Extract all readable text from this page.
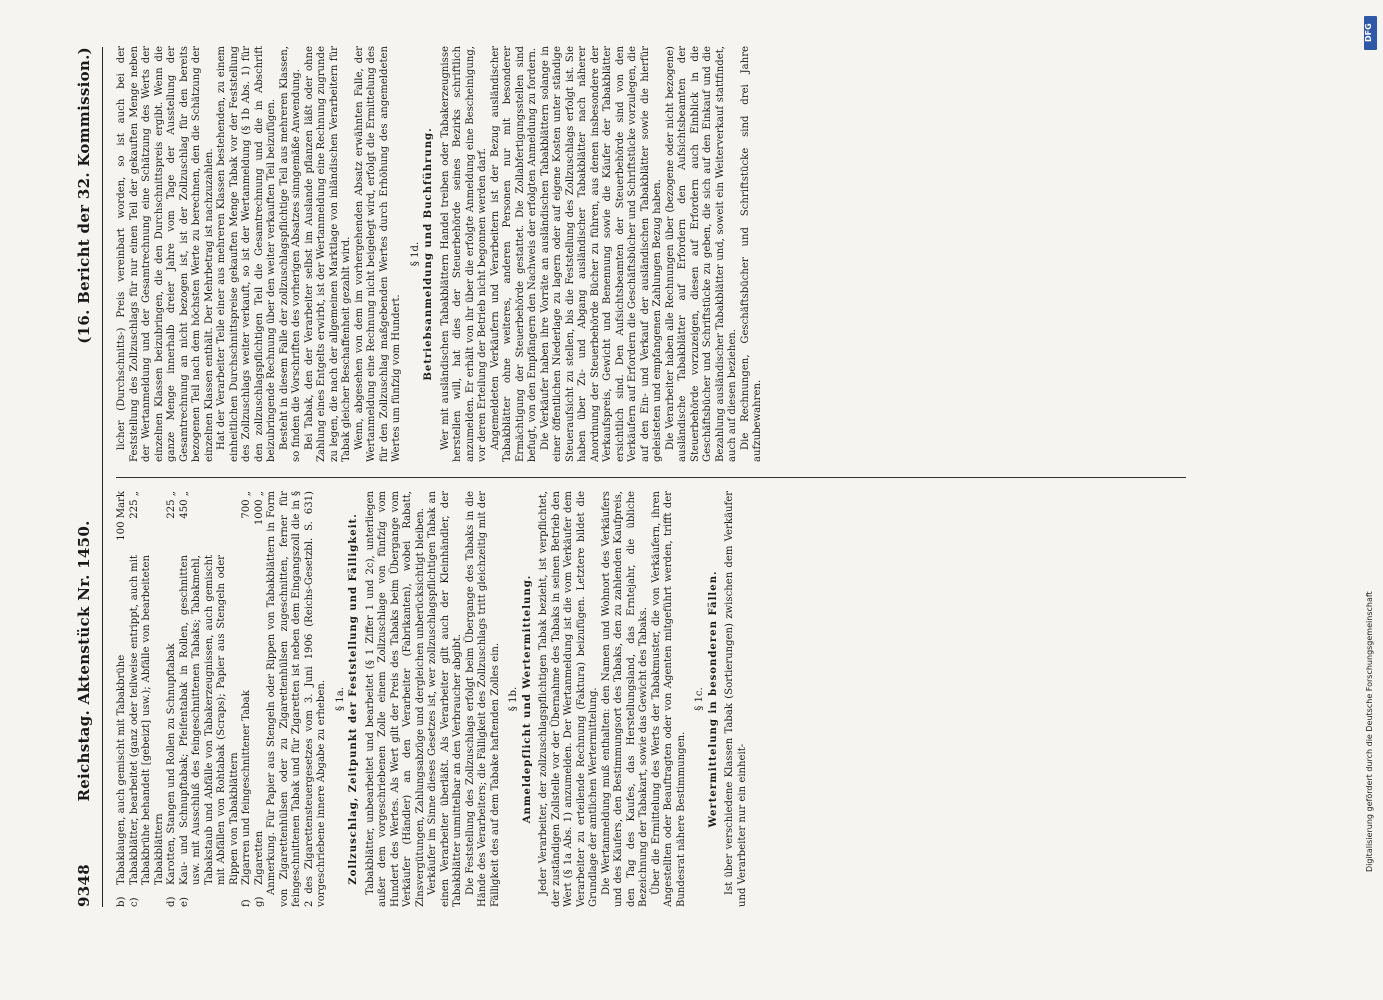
9348
Reichstag. Aktenstück Nr. 1450.
(16. Bericht der 32. Kommission.)
b)
Tabaklaugen, auch gemischt mit Tabakbrühe
100 Mark
c)
Tabakblätter, bearbeitet (ganz oder teilweise entrippt, auch mit Tabakbrühe behandelt [gebeizt] usw.); Abfälle von bearbeiteten Tabakblättern
225 „
d)
Karotten, Stangen und Rollen zu Schnupftabak
225 „
e)
Kau- und Schnupftabak; Pfeifentabak in Rollen, geschnitten usw. mit Ausschluß des feingeschnittenen Tabaks; Tabakmehl, Tabakstaub und Abfälle von Tabakerzeugnissen, auch gemischt mit Abfällen von Rohtabak (Scraps); Papier aus Stengeln oder Rippen von Tabakblättern
450 „
f)
Zigarren und feingeschnittener Tabak
700 „
g)
Zigaretten
1000 „ Anmerkung. Für Papier aus Stengeln oder Rippen von Tabakblättern in Form von Zigarettenhülsen oder zu Zigarettenhülsen zugeschnitten, ferner für feingeschnittenen Tabak und für Zigaretten ist neben dem Eingangszoll die in § 2 des Zigarettensteuergesetzes vom 3. Juni 1906 (Reichs-Gesetzbl. S. 631) vorgeschriebene innere Abgabe zu erheben. § 1a. Zollzuschlag, Zeitpunkt der Feststellung und Fälligkeit. Tabakblätter, unbearbeitet und bearbeitet (§ 1 Ziffer 1 und 2c), unterliegen außer dem vorgeschriebenen Zolle einem Zollzuschlage von fünfzig vom Hundert des Wertes. Als Wert gilt der Preis des Tabaks beim Übergange vom Verkäufer (Händler) an den Verarbeiter (Fabrikanten), wobei Rabatt, Zinsvergütungen, Zahlungsabzüge und dergleichen unberücksichtigt bleiben. Verkäufer im Sinne dieses Gesetzes ist, wer zollzuschlagspflichtigen Tabak an einen Verarbeiter überläßt. Als Verarbeiter gilt auch der Kleinhändler, der Tabakblätter unmittelbar an den Verbraucher abgibt. Die Feststellung des Zollzuschlags erfolgt beim Übergange des Tabaks in die Hände des Verarbeiters; die Fälligkeit des Zollzuschlags tritt gleichzeitig mit der Fälligkeit des auf dem Tabake haftenden Zolles ein. § 1b. Anmeldepflicht und Wertermittelung. Jeder Verarbeiter, der zollzuschlagspflichtigen Tabak bezieht, ist verpflichtet, der zuständigen Zollstelle vor der Übernahme des Tabaks in seinen Betrieb den Wert (§ 1a Abs. 1) anzumelden. Der Wertanmeldung ist die vom Verkäufer dem Verarbeiter zu erteilende Rechnung (Faktura) beizufügen. Letztere bildet die Grundlage der amtlichen Wertermittelung. Die Wertanmeldung muß enthalten: den Namen und Wohnort des Verkäufers und des Käufers, den Bestimmungsort des Tabaks, den zu zahlenden Kaufpreis, den Tag des Kaufes, das Herstellungsland, das Erntejahr, die übliche Bezeichnung der Tabakart, sowie das Gewicht des Tabaks. Über die Ermittelung des Werts der Tabakmuster, die von Verkäufern, ihren Angestellten oder Beauftragten oder von Agenten mitgeführt werden, trifft der Bundesrat nähere Bestimmungen.

§ 1c. Wertermittelung in besonderen Fällen. Ist über verschiedene Klassen Tabak (Sortierungen) zwischen dem Verkäufer und Verarbeiter nur ein einheit-

licher (Durchschnitts-) Preis vereinbart worden, so ist auch bei der Feststellung des Zollzuschlags für nur einen Teil der gekauften Menge neben der Wertanmeldung und der Gesamtrechnung eine Schätzung des Werts der einzelnen Klassen beizubringen, die den Durchschnittspreis ergibt. Wenn die ganze Menge innerhalb dreier Jahre vom Tage der Ausstellung der Gesamtrechnung an nicht bezogen ist, ist der Zollzuschlag für den bereits bezogenen Teil nach dem höchsten Werte zu berechnen, den die Schätzung der einzelnen Klassen enthält. Der Mehrbetrag ist nachzuzahlen. Hat der Verarbeiter Teile einer aus mehreren Klassen bestehenden, zu einem einheitlichen Durchschnittspreise gekauften Menge Tabak vor der Feststellung des Zollzuschlags weiter verkauft, so ist der Wertanmeldung (§ 1b Abs. 1) für den zollzuschlagspflichtigen Teil die Gesamtrechnung und die in Abschrift beizubringende Rechnung über den weiter verkauften Teil beizufügen. Besteht in diesem Falle der zollzuschlagspflichtige Teil aus mehreren Klassen, so finden die Vorschriften des vorherigen Absatzes sinngemäße Anwendung. Bei Tabak, den der Verarbeiter selbst im Auslande pflanzen läßt oder ohne Zahlung eines Entgelts erwirbt, ist der Wertanmeldung eine Rechnung zugrunde zu legen, die nach der allgemeinen Marktlage von inländischen Verarbeitern für Tabak gleicher Beschaffenheit gezahlt wird. Wenn, abgesehen von dem im vorhergehenden Absatz erwähnten Falle, der Wertanmeldung eine Rechnung nicht beigelegt wird, erfolgt die Ermittelung des für den Zollzuschlag maßgebenden Wertes durch Erhöhung des angemeldeten Wertes um fünfzig vom Hundert.

§ 1d. Betriebsanmeldung und Buchführung. Wer mit ausländischen Tabakblättern Handel treiben oder Tabakerzeugnisse herstellen will, hat dies der Steuerbehörde seines Bezirks schriftlich anzumelden. Er erhält von ihr über die erfolgte Anmeldung eine Bescheinigung, vor deren Erteilung der Betrieb nicht begonnen werden darf. Angemeldeten Verkäufern und Verarbeitern ist der Bezug ausländischer Tabakblätter ohne weiteres, anderen Personen nur mit besonderer Ermächtigung der Steuerbehörde gestattet. Die Zollabfertigungsstellen sind befugt, von den Empfängern den Nachweis der erfolgten Anmeldung zu fordern. Die Verkäufer haben ihre Vorräte an ausländischen Tabakblättern solange in einer öffentlichen Niederlage zu lagern oder auf eigene Kosten unter ständige Steueraufsicht zu stellen, bis die Feststellung des Zollzuschlags erfolgt ist. Sie haben über Zu- und Abgang ausländischer Tabakblätter nach näherer Anordnung der Steuerbehörde Bücher zu führen, aus denen insbesondere der Verkaufspreis, Gewicht und Benennung sowie die Käufer der Tabakblätter ersichtlich sind. Den Aufsichtsbeamten der Steuerbehörde sind von den Verkäufern auf Erfordern die Geschäftsbücher und Schriftstücke vorzulegen, die auf den Ein- und Verkauf der ausländischen Tabakblätter sowie die hierfür geleisteten und empfangenen Zahlungen Bezug haben. Die Verarbeiter haben alle Rechnungen über (bezogene oder nicht bezogene) ausländische Tabakblätter auf Erfordern den Aufsichtsbeamten der Steuerbehörde vorzuzeigen, diesen auf Erfordern auch Einblick in die Geschäftsbücher und Schriftstücke zu geben, die sich auf den Einkauf und die Bezahlung ausländischer Tabakblätter und, soweit ein Weiterverkauf stattfindet, auch auf diesen beziehen. Die Rechnungen, Geschäftsbücher und Schriftstücke sind drei Jahre aufzubewahren.

DFG
Digitalisierung gefördert durch die Deutsche Forschungsgemeinschaft
